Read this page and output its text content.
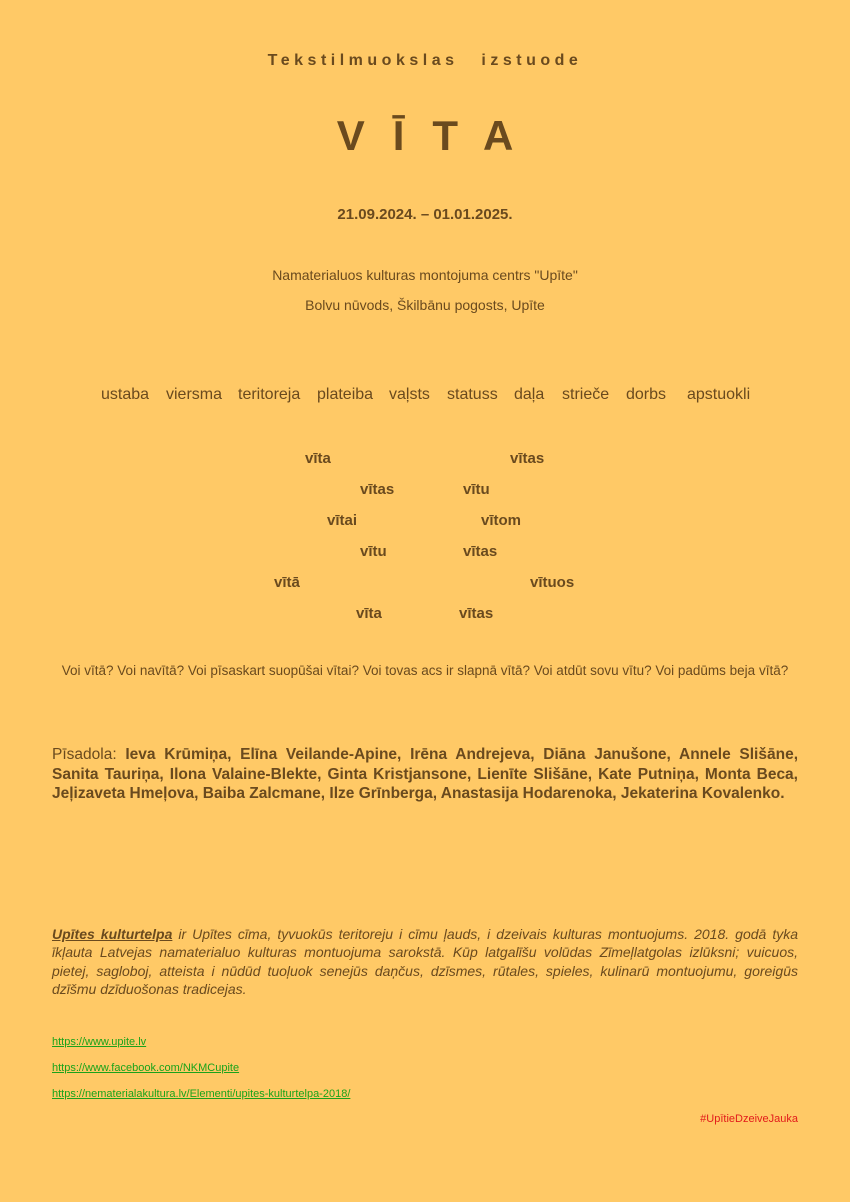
Tekstilmuokslas izstuode
VĪTA
21.09.2024. – 01.01.2025.
Namaterialuos kulturas montojuma centrs "Upīte"
Bolvu nūvods, Škilbānu pogosts, Upīte
ustaba viersma teritoreja plateiba vaļsts statuss daļa strieče dorbs apstuokli
vīta	vītas
vītas	vītu
vītai	vītom
vītu	vītas
vītā	vītuos
vīta	vītas
Voi vītā? Voi navītā? Voi pīsaskart suopūšai vītai? Voi tovas acs ir slapnā vītā? Voi atdūt sovu vītu? Voi padūms beja vītā?
Pīsadola: Ieva Krūmiņa, Elīna Veilande-Apine, Irēna Andrejeva, Diāna Janušone, Annele Slišāne, Sanita Tauriņa, Ilona Valaine-Blekte, Ginta Kristjansone, Lienīte Slišāne, Kate Putniņa, Monta Beca, Jeļizaveta Hmeļova, Baiba Zalcmane, Ilze Grīnberga, Anastasija Hodarenoka, Jekaterina Kovalenko.
Upītes kulturtelpa ir Upītes cīma, tyvuokūs teritoreju i cīmu ļauds, i dzeivais kulturas montuojums. 2018. godā tyka īkļauta Latvejas namaterialuo kulturas montuojuma sarokstā. Kūp latgalīšu volūdas Zīmeļlatgolas izlūksni; vuicuos, pietej, sagloboj, atteista i nūdūd tuoļuok senejūs daņčus, dzīsmes, rūtales, spieles, kulinarū montuojumu, goreigūs dzīšmu dzīduošonas tradicejas.
https://www.upite.lv
https://www.facebook.com/NKMCupite
https://nematerialakultura.lv/Elementi/upites-kulturtelpa-2018/
#UpītieDzeiveJauka
